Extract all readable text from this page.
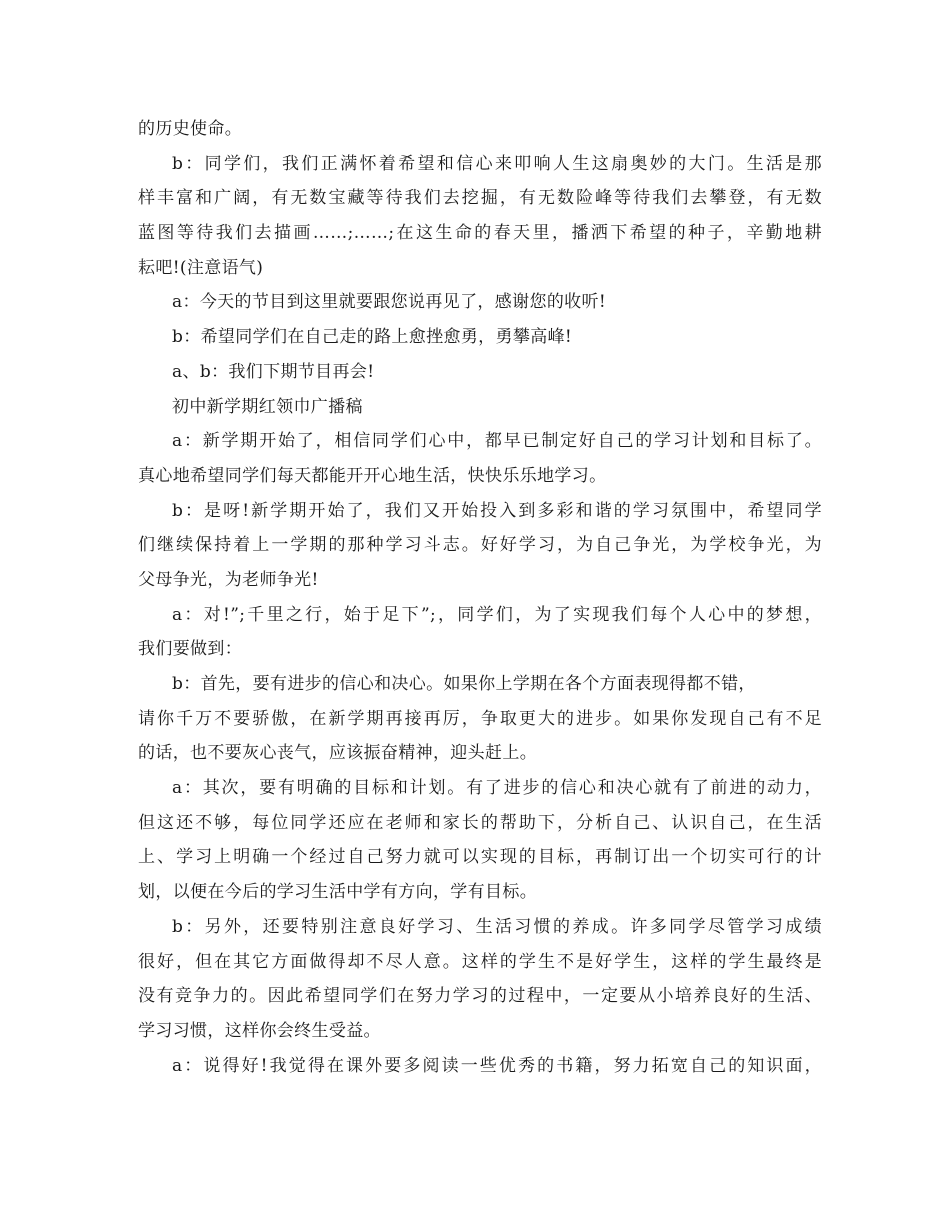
的历史使命。
b：同学们，我们正满怀着希望和信心来叩响人生这扇奥妙的大门。生活是那
样丰富和广阔，有无数宝藏等待我们去挖掘，有无数险峰等待我们去攀登，有无数
蓝图等待我们去描画……;……;在这生命的春天里，播洒下希望的种子，辛勤地耕
耘吧!(注意语气)
a：今天的节目到这里就要跟您说再见了，感谢您的收听!
b：希望同学们在自己走的路上愈挫愈勇，勇攀高峰!
a、b：我们下期节目再会!
初中新学期红领巾广播稿
a：新学期开始了，相信同学们心中，都早已制定好自己的学习计划和目标了。
真心地希望同学们每天都能开开心地生活，快快乐乐地学习。
b：是呀!新学期开始了，我们又开始投入到多彩和谐的学习氛围中，希望同学
们继续保持着上一学期的那种学习斗志。好好学习，为自己争光，为学校争光，为
父母争光，为老师争光!
a：对!”;千里之行，始于足下”;，同学们，为了实现我们每个人心中的梦想，
我们要做到：
b：首先，要有进步的信心和决心。如果你上学期在各个方面表现得都不错，
请你千万不要骄傲，在新学期再接再厉，争取更大的进步。如果你发现自己有不足
的话，也不要灰心丧气，应该振奋精神，迎头赶上。
a：其次，要有明确的目标和计划。有了进步的信心和决心就有了前进的动力，
但这还不够，每位同学还应在老师和家长的帮助下，分析自己、认识自己，在生活
上、学习上明确一个经过自己努力就可以实现的目标，再制订出一个切实可行的计
划，以便在今后的学习生活中学有方向，学有目标。
b：另外，还要特别注意良好学习、生活习惯的养成。许多同学尽管学习成绩
很好，但在其它方面做得却不尽人意。这样的学生不是好学生，这样的学生最终是
没有竞争力的。因此希望同学们在努力学习的过程中，一定要从小培养良好的生活、
学习习惯，这样你会终生受益。
a：说得好!我觉得在课外要多阅读一些优秀的书籍，努力拓宽自己的知识面，
